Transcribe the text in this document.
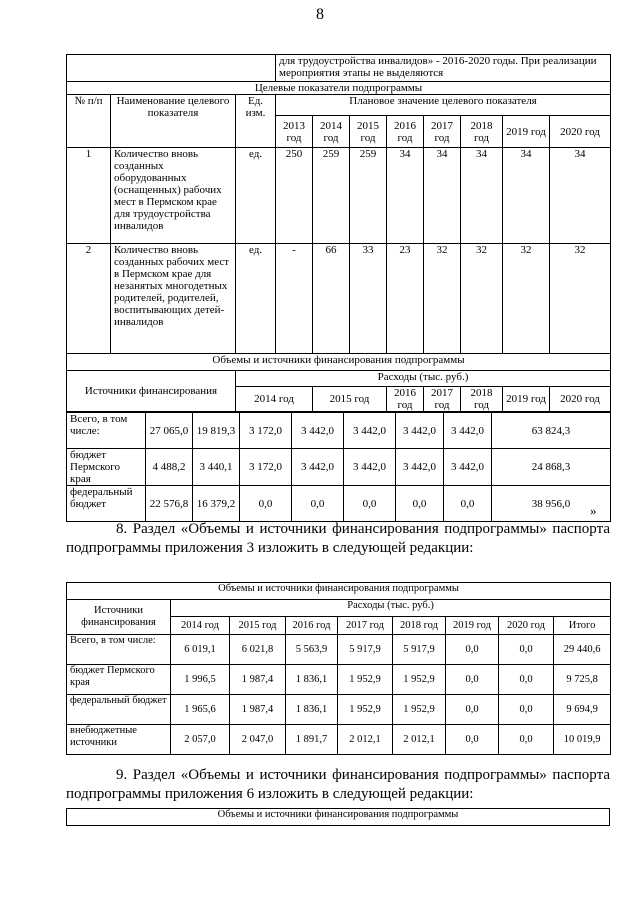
8
			для трудоустройства инвалидов» - 2016-2020 годы. При реализации мероприятия этапы не выделяются							
Целевые показатели подпрограммы										
№ п/п	Наименование целевого показателя	Ед. изм.	Плановое значение целевого показателя							
			2013 год	2014 год	2015 год	2016 год	2017 год	2018 год	2019 год	2020 год
1	Количество вновь созданных оборудованных (оснащенных) рабочих мест в Пермском крае для трудоустройства инвалидов	ед.	250	259	259	34	34	34	34	34
2	Количество вновь созданных рабочих мест в Пермском крае для незанятых многодетных родителей, родителей, воспитывающих детей-инвалидов	ед.	-	66	33	23	32	32	32	32
Объемы и источники финансирования подпрограммы										
Источники финансирования		Расходы (тыс. руб.)								
		2014 год		2015 год		2016 год	2017 год	2018 год	2019 год	2020 год
Всего, в том числе:	27 065,0	19 819,3	3 172,0	3 442,0	3 442,0	3 442,0	3 442,0	63 824,3
бюджет Пермского края	4 488,2	3 440,1	3 172,0	3 442,0	3 442,0	3 442,0	3 442,0	24 868,3
федеральный бюджет	22 576,8	16 379,2	0,0	0,0	0,0	0,0	0,0	38 956,0 »

8. Раздел «Объемы и источники финансирования подпрограммы» паспорта подпрограммы приложения 3 изложить в следующей редакции:

Объемы и источники финансирования подпрограммы								
Источники финансирования	Расходы (тыс. руб.)							
	2014 год	2015 год	2016 год	2017 год	2018 год	2019 год	2020 год	Итого
Всего, в том числе:	6 019,1	6 021,8	5 563,9	5 917,9	5 917,9	0,0	0,0	29 440,6
бюджет Пермского края	1 996,5	1 987,4	1 836,1	1 952,9	1 952,9	0,0	0,0	9 725,8
федеральный бюджет	1 965,6	1 987,4	1 836,1	1 952,9	1 952,9	0,0	0,0	9 694,9
внебюджетные источники	2 057,0	2 047,0	1 891,7	2 012,1	2 012,1	0,0	0,0	10 019,9

9. Раздел «Объемы и источники финансирования подпрограммы» паспорта подпрограммы приложения 6 изложить в следующей редакции:

Объемы и источники финансирования подпрограммы
